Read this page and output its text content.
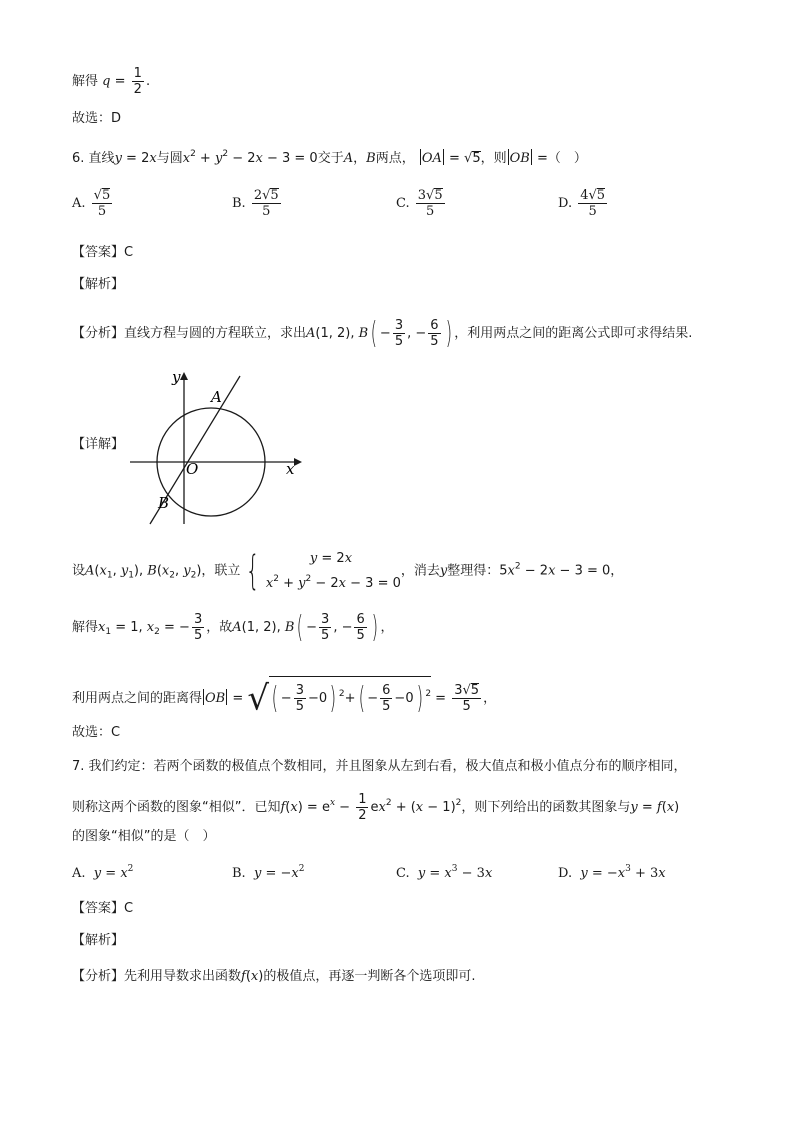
解得 $q = \frac{1}{2}$ .
故选：D
6. 直线y = 2x与圆$x^2 + y^2 - 2x - 3 = 0$交于A，B两点， OA = √5，则 OB =（　）
A. $\frac{√5}{5}$	B. $\frac{2√5}{5}$	C. $\frac{3√5}{5}$	D. $\frac{4√5}{5}$
【答案】C
【解析】
【分析】直线方程与圆的方程联立，求出A(1, 2), $B( - \frac{3}{5}$ , − $\frac{6}{5}$ ) ，利用两点之间的距离公式即可求得结果.
【详解】
y
x
O
A
B
设$A(x_1$, $y_1$), $B(x_2$, $y_2$)，联立 {	y = 2x
$x^2 + y^2 - 2x - 3 = 0$
，消去y整理得：$5x^2 - 2x - 3 = 0$，
解得$x_1 = 1$, $x_2$ = − $\frac{3}{5}$ ，故A(1, 2), $B( - \frac{3}{5}$ , − $\frac{6}{5}$ ) ，
利用两点之间的距离得 OB = √( − $\frac{3}{5} -0$) $^2+( - \frac{6}{5} -0)$ $^2 = \frac{3√5}{5}$ ，
故选：C
7. 我们约定：若两个函数的极值点个数相同，并且图象从左到右看，极大值点和极小值点分布的顺序相同，
则称这两个函数的图象“相似”．已知$f(x) = e^x - \frac{1}{2} ex^2 + (x - 1)^2$，则下列给出的函数其图象与y = f(x)
的图象“相似”的是（　）
A. $y = x^2$	B. $y = -x^2$	C. $y = x^3 - 3x$	D. $y = -x^3 + 3x$
【答案】C
【解析】
【分析】先利用导数求出函数f(x)的极值点，再逐一判断各个选项即可.
